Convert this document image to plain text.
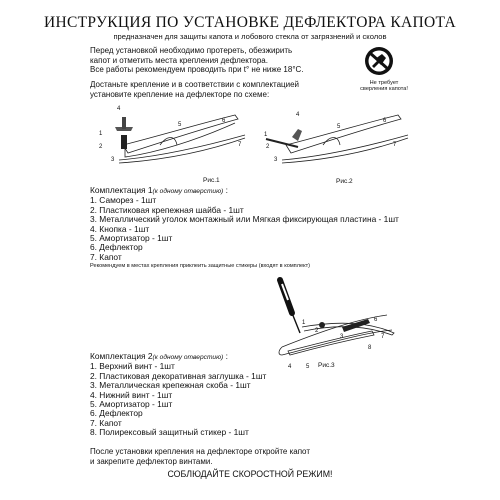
ИНСТРУКЦИЯ ПО УСТАНОВКЕ ДЕФЛЕКТОРА КАПОТА
предназначен для защиты капота и лобового стекла от загрязнений и сколов
Перед установкой необходимо протереть, обезжирить
капот и отметить места крепления дефлектора.
Все работы рекомендуем проводить при t° не ниже 18°С.
Достаньте крепление и в соответствии с комплектацией
установите крепление на дефлекторе по схеме:
Не требует
сверления капота!
1
2
3
4
5
6
7
Рис.1
1
2
3
4
5
6
7
Рис.2
Комплектация 1(к одному отверстию) :
1. Саморез - 1шт
2. Пластиковая крепежная шайба - 1шт
3. Металлический уголок монтажный или Мягкая фиксирующая пластина - 1шт
4. Кнопка - 1шт
5. Амортизатор - 1шт
6. Дефлектор
7. Капот
Рекомендуем в местах крепления приклеить защитные стикеры (входят в комплект)
1
2
3
4 5
6
7
8
Рис.3
Комплектация 2(к одному отверстию) :
1. Верхний винт - 1шт
2. Пластиковая декоративная заглушка - 1шт
3. Металлическая крепежная скоба - 1шт
4. Нижний винт - 1шт
5. Амортизатор - 1шт
6. Дефлектор
7. Капот
8. Полирексовый защитный стикер - 1шт
После установки крепления на дефлекторе откройте капот
и закрепите дефлектор винтами.
СОБЛЮДАЙТЕ СКОРОСТНОЙ РЕЖИМ!
